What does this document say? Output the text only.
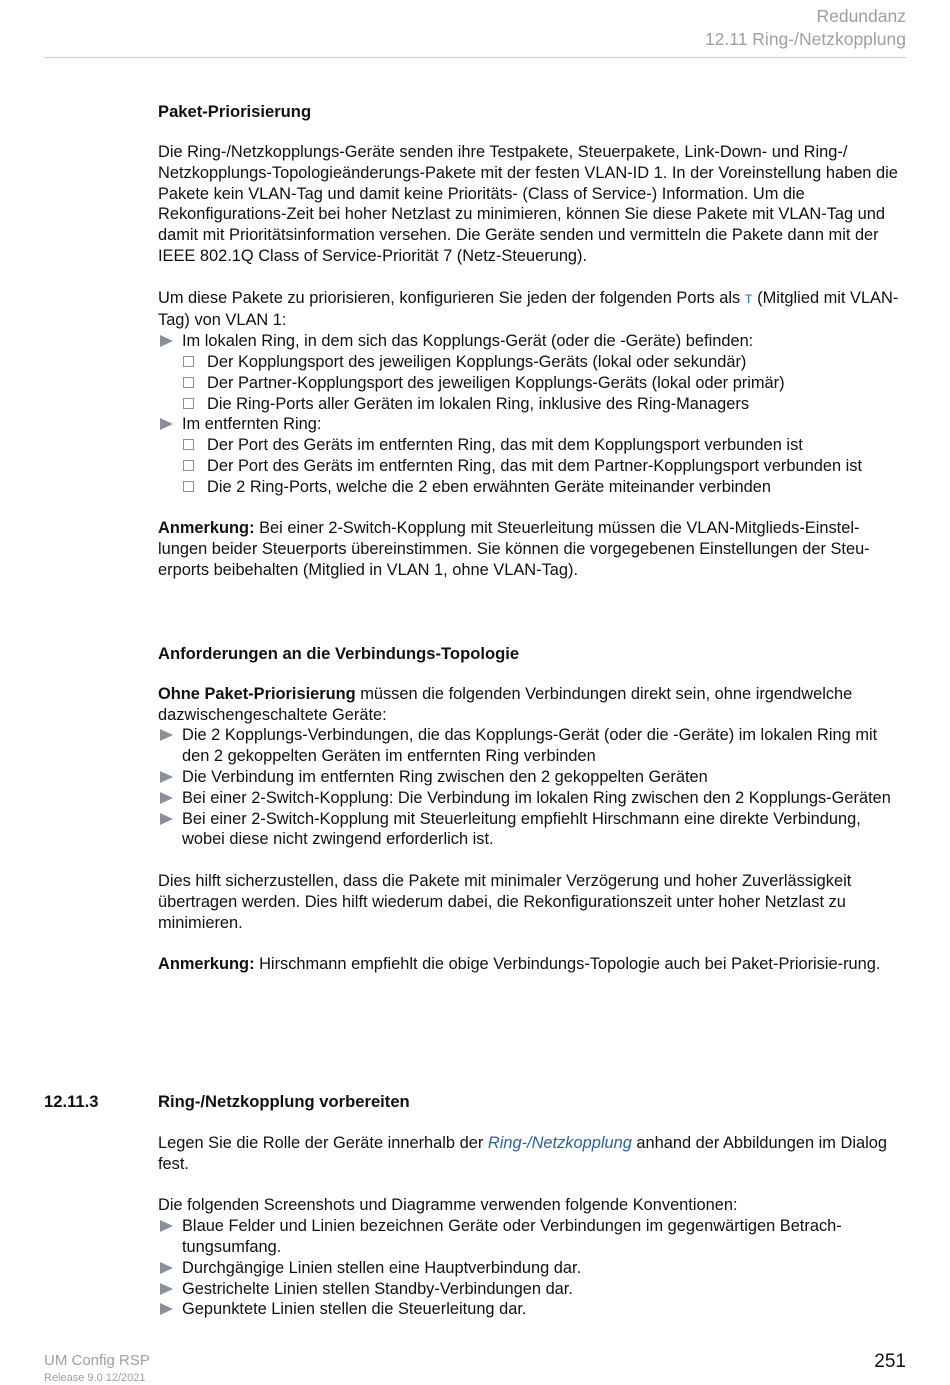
Redundanz
12.11 Ring-/Netzkopplung
Paket-Priorisierung

Die Ring-/Netzkopplungs-Geräte senden ihre Testpakete, Steuerpakete, Link-Down- und Ring-/ Netzkopplungs-Topologieänderungs-Pakete mit der festen VLAN-ID 1. In der Voreinstellung haben die Pakete kein VLAN-Tag und damit keine Prioritäts- (Class of Service-) Information. Um die Rekonfigurations-Zeit bei hoher Netzlast zu minimieren, können Sie diese Pakete mit VLAN-Tag und damit mit Prioritätsinformation versehen. Die Geräte senden und vermitteln die Pakete dann mit der IEEE 802.1Q Class of Service-Priorität 7 (Netz-Steuerung).

Um diese Pakete zu priorisieren, konfigurieren Sie jeden der folgenden Ports als T (Mitglied mit VLAN-Tag) von VLAN 1:

Im lokalen Ring, in dem sich das Kopplungs-Gerät (oder die -Geräte) befinden:
Der Kopplungsport des jeweiligen Kopplungs-Geräts (lokal oder sekundär)
Der Partner-Kopplungsport des jeweiligen Kopplungs-Geräts (lokal oder primär)
Die Ring-Ports aller Geräten im lokalen Ring, inklusive des Ring-Managers
Im entfernten Ring:
Der Port des Geräts im entfernten Ring, das mit dem Kopplungsport verbunden ist
Der Port des Geräts im entfernten Ring, das mit dem Partner-Kopplungsport verbunden ist
Die 2 Ring-Ports, welche die 2 eben erwähnten Geräte miteinander verbinden

Anmerkung: Bei einer 2-Switch-Kopplung mit Steuerleitung müssen die VLAN-Mitglieds-Einstel-lungen beider Steuerports übereinstimmen. Sie können die vorgegebenen Einstellungen der Steu-erports beibehalten (Mitglied in VLAN 1, ohne VLAN-Tag).

Anforderungen an die Verbindungs-Topologie

Ohne Paket-Priorisierung müssen die folgenden Verbindungen direkt sein, ohne irgendwelche dazwischengeschaltete Geräte:

Die 2 Kopplungs-Verbindungen, die das Kopplungs-Gerät (oder die -Geräte) im lokalen Ring mit den 2 gekoppelten Geräten im entfernten Ring verbinden
Die Verbindung im entfernten Ring zwischen den 2 gekoppelten Geräten
Bei einer 2-Switch-Kopplung: Die Verbindung im lokalen Ring zwischen den 2 Kopplungs-Geräten
Bei einer 2-Switch-Kopplung mit Steuerleitung empfiehlt Hirschmann eine direkte Verbindung, wobei diese nicht zwingend erforderlich ist.

Dies hilft sicherzustellen, dass die Pakete mit minimaler Verzögerung und hoher Zuverlässigkeit übertragen werden. Dies hilft wiederum dabei, die Rekonfigurationszeit unter hoher Netzlast zu minimieren.

Anmerkung: Hirschmann empfiehlt die obige Verbindungs-Topologie auch bei Paket-Priorisie-rung.

12.11.3	Ring-/Netzkopplung vorbereiten

Legen Sie die Rolle der Geräte innerhalb der Ring-/Netzkopplung anhand der Abbildungen im Dialog fest.

Die folgenden Screenshots und Diagramme verwenden folgende Konventionen:

Blaue Felder und Linien bezeichnen Geräte oder Verbindungen im gegenwärtigen Betrach-tungsumfang.
Durchgängige Linien stellen eine Hauptverbindung dar.
Gestrichelte Linien stellen Standby-Verbindungen dar.
Gepunktete Linien stellen die Steuerleitung dar.
UM Config RSP
Release 9.0 12/2021
251
